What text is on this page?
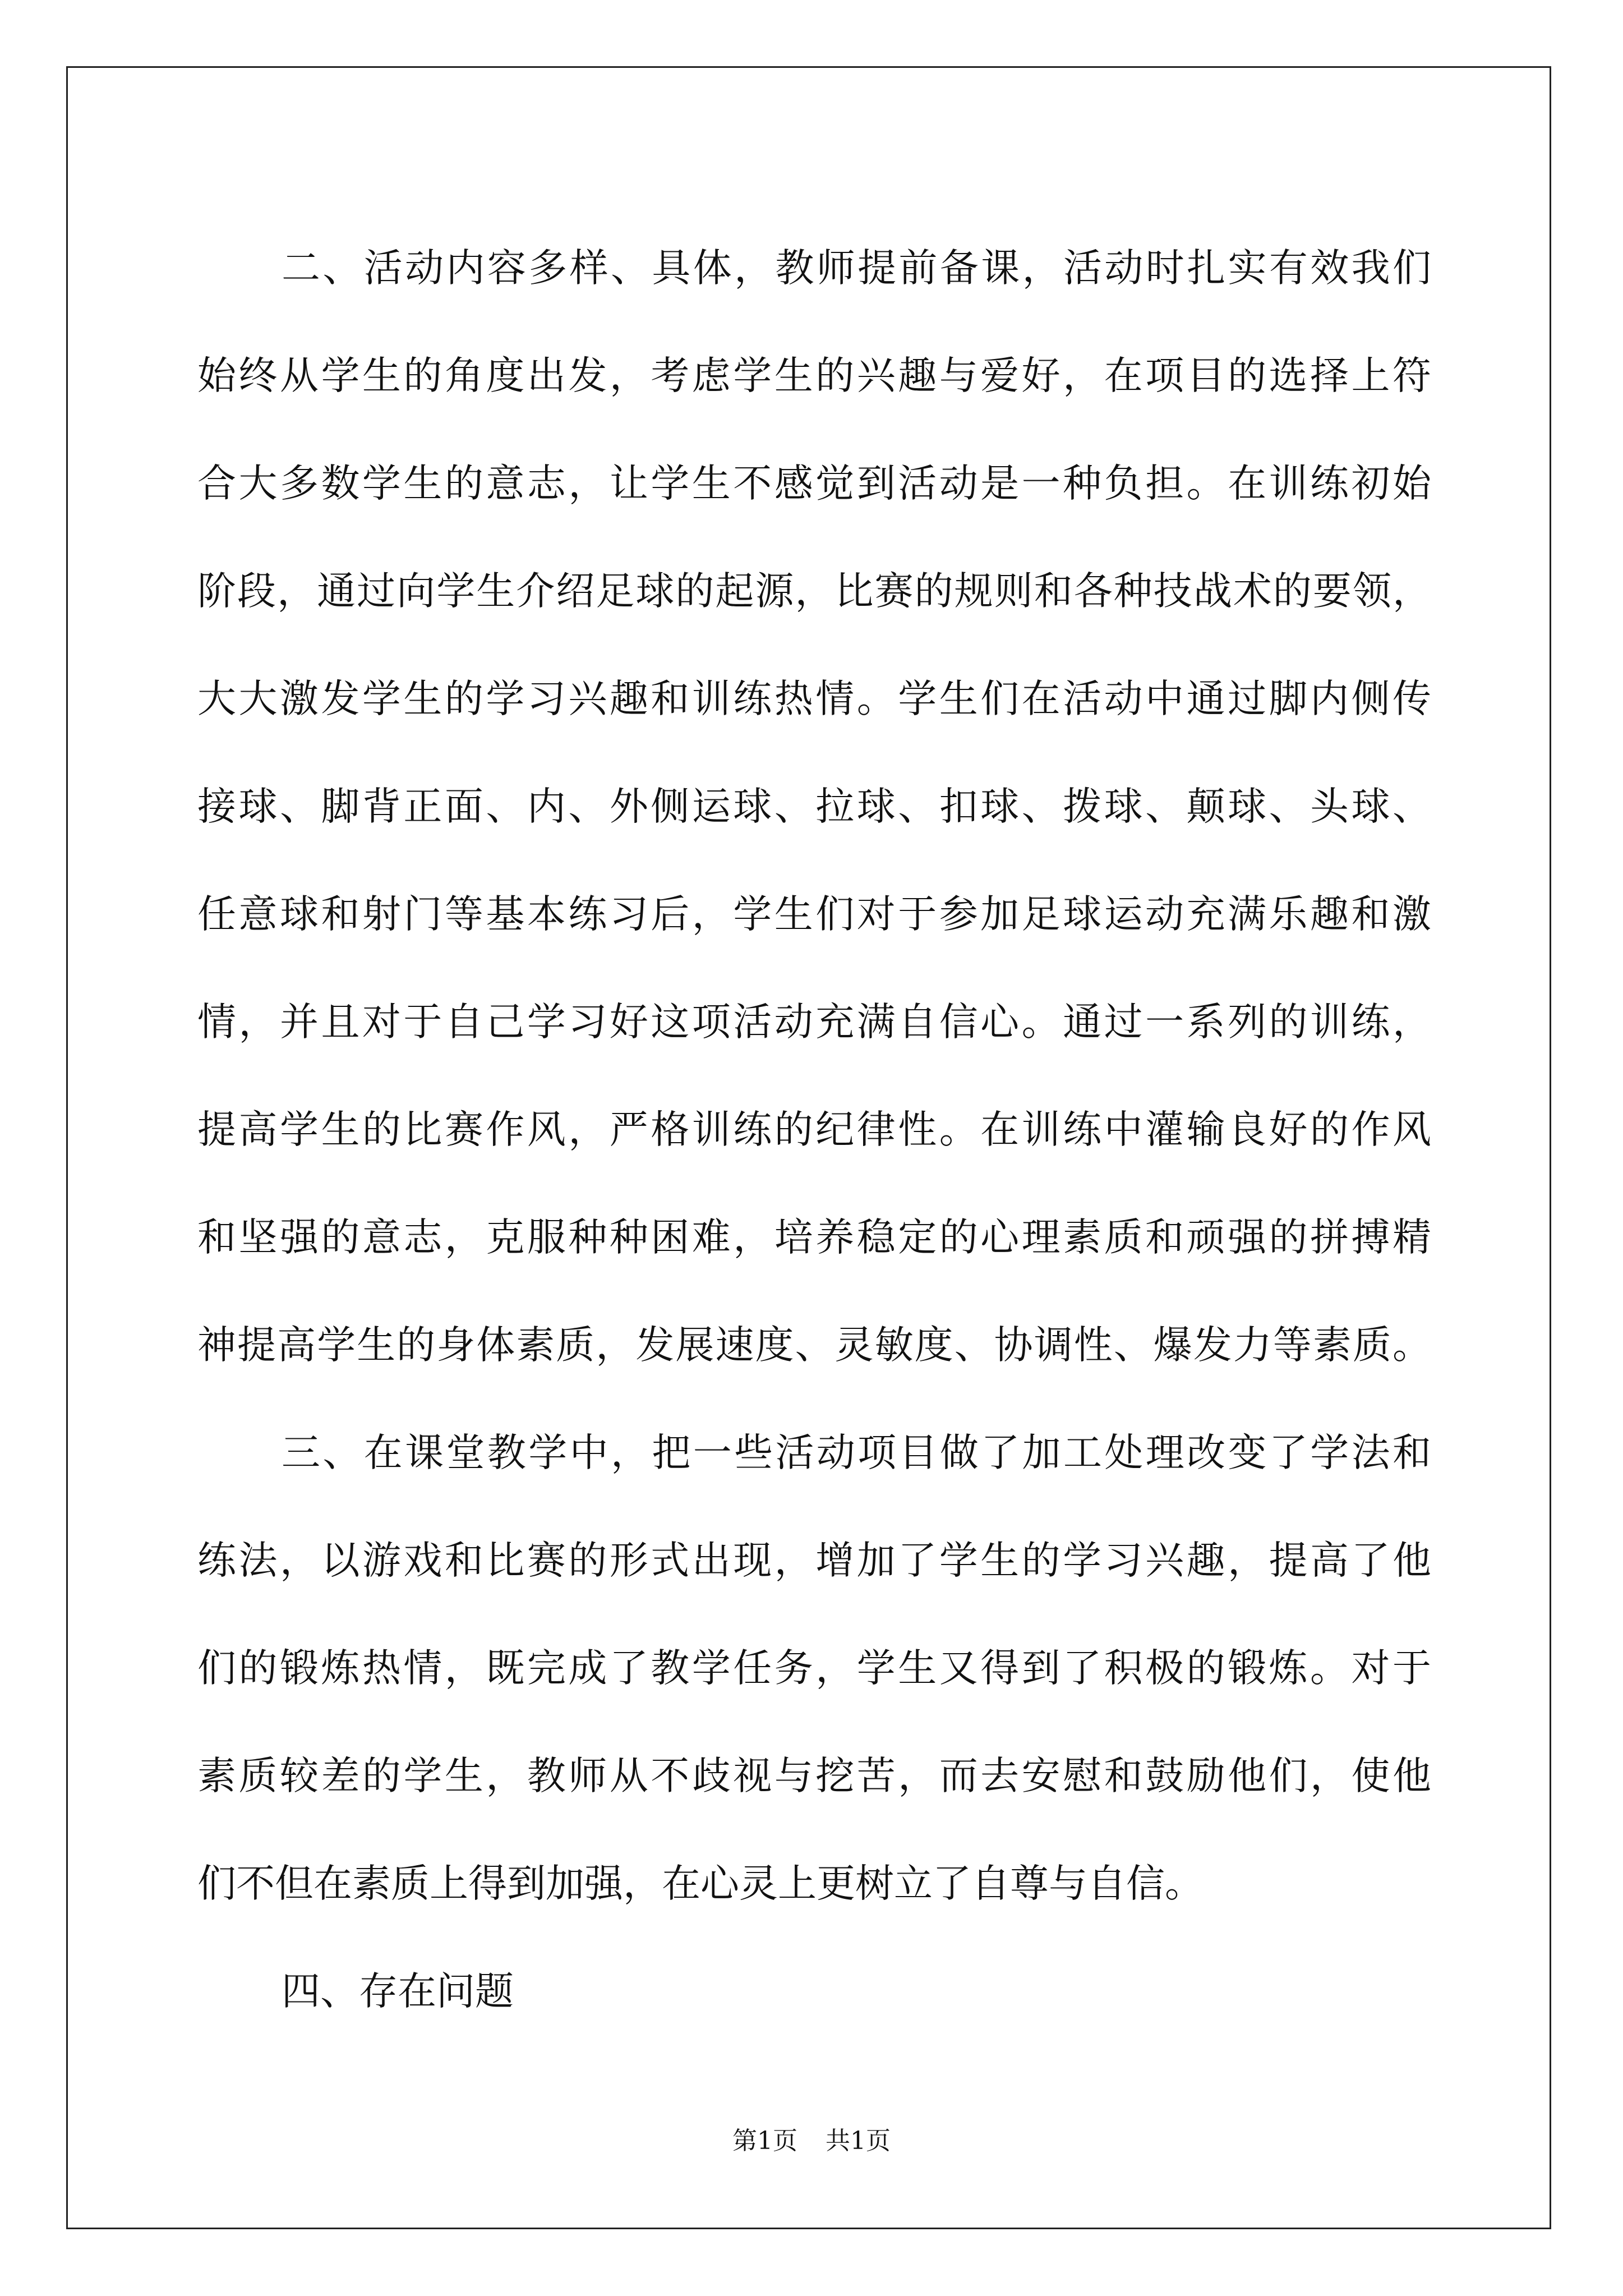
二、活动内容多样、具体，教师提前备课，活动时扎实有效我们
始终从学生的角度出发，考虑学生的兴趣与爱好，在项目的选择上符
合大多数学生的意志，让学生不感觉到活动是一种负担。在训练初始
阶段，通过向学生介绍足球的起源，比赛的规则和各种技战术的要领，
大大激发学生的学习兴趣和训练热情。学生们在活动中通过脚内侧传
接球、脚背正面、内、外侧运球、拉球、扣球、拨球、颠球、头球、
任意球和射门等基本练习后，学生们对于参加足球运动充满乐趣和激
情，并且对于自己学习好这项活动充满自信心。通过一系列的训练，
提高学生的比赛作风，严格训练的纪律性。在训练中灌输良好的作风
和坚强的意志，克服种种困难，培养稳定的心理素质和顽强的拼搏精
神提高学生的身体素质，发展速度、灵敏度、协调性、爆发力等素质。
三、在课堂教学中，把一些活动项目做了加工处理改变了学法和
练法，以游戏和比赛的形式出现，增加了学生的学习兴趣，提高了他
们的锻炼热情，既完成了教学任务，学生又得到了积极的锻炼。对于
素质较差的学生，教师从不歧视与挖苦，而去安慰和鼓励他们，使他
们不但在素质上得到加强，在心灵上更树立了自尊与自信。
四、存在问题
第1页 共1页
